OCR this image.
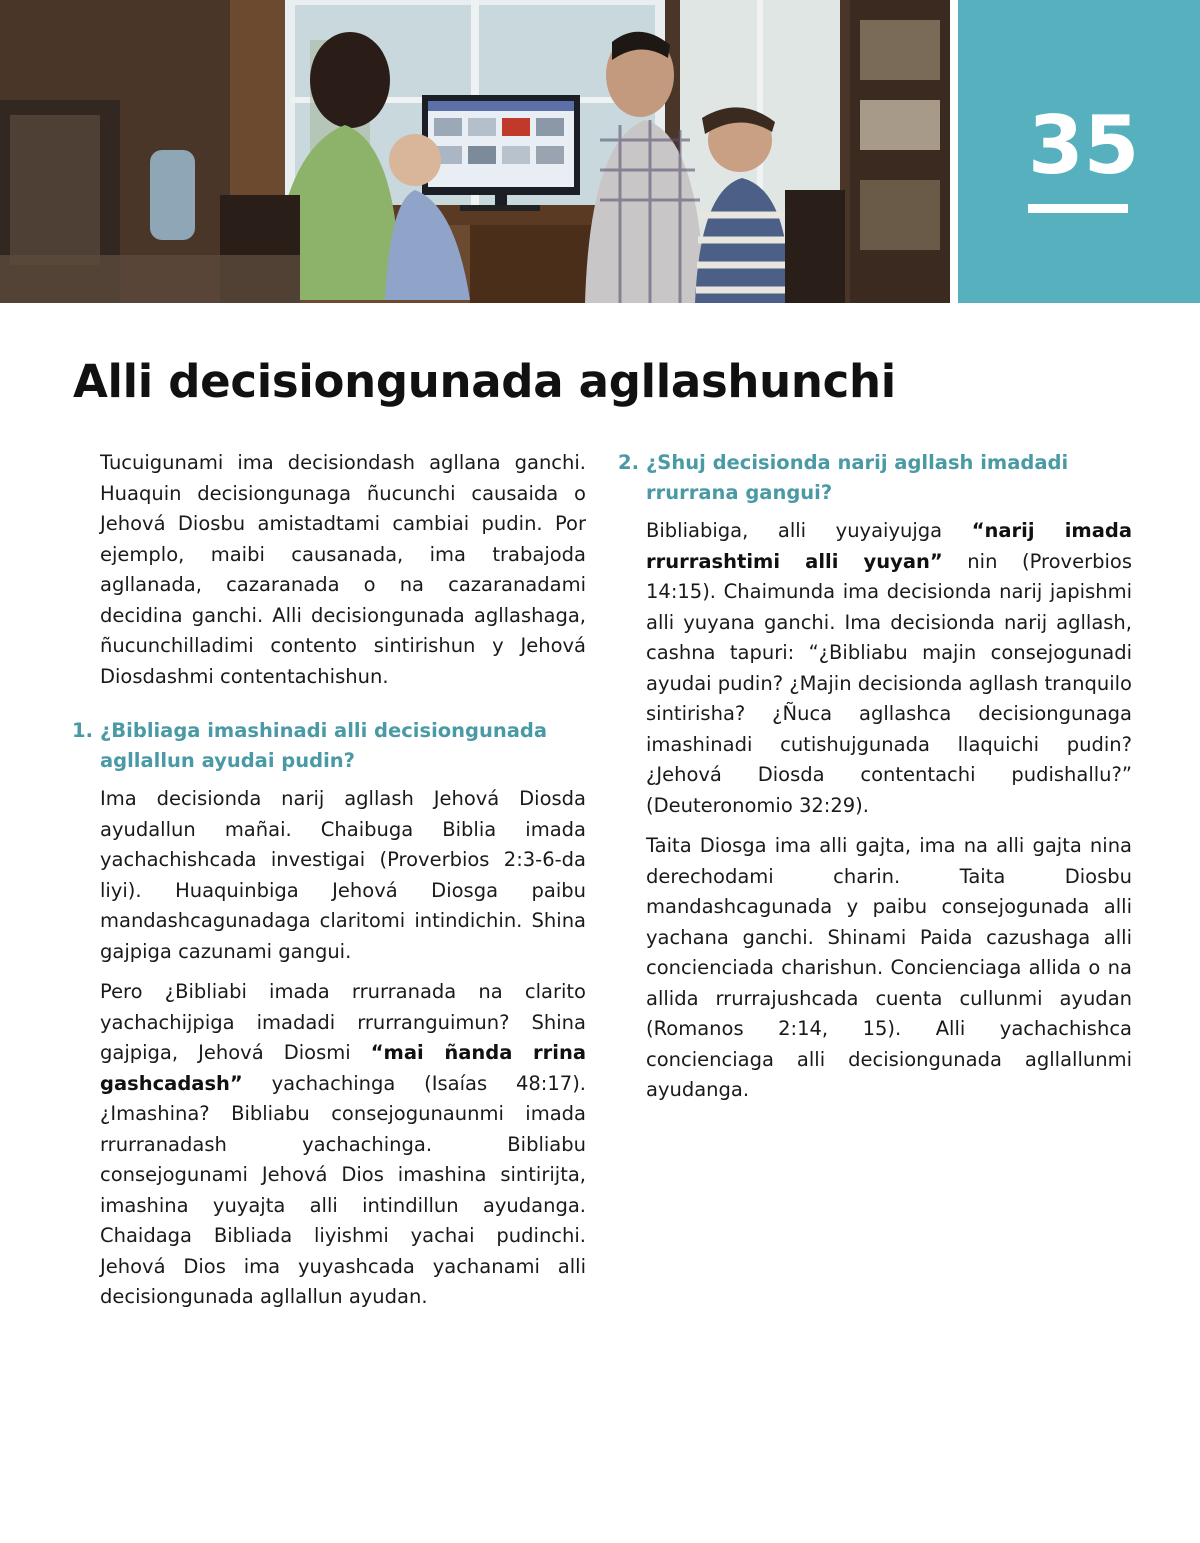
35
Alli decisiongunada agllashunchi

Tucuigunami ima decisiondash agllana ganchi. Huaquin decisiongunaga ñucunchi causaida o Jehová Diosbu amistadtami cambiai pudin. Por ejemplo, maibi causanada, ima trabajoda agllanada, cazaranada o na cazaranadami decidina ganchi. Alli decisiongunada agllashaga, ñucunchilladimi contento sintirishun y Jehová Diosdashmi contentachishun.

1. ¿Bibliaga imashinadi alli decisiongunada agllallun ayudai pudin?

Ima decisionda narij agllash Jehová Diosda ayudallun mañai. Chaibuga Biblia imada yachachishcada investigai (Proverbios 2:3-6-da liyi). Huaquinbiga Jehová Diosga paibu mandashcagunadaga claritomi intindichin. Shina gajpiga cazunami gangui.

Pero ¿Bibliabi imada rrurranada na clarito yachachijpiga imadadi rrurranguimun? Shina gajpiga, Jehová Diosmi “mai ñanda rrina gashcadash” yachachinga (Isaías 48:17). ¿Imashina? Bibliabu consejogunaunmi imada rrurranadash yachachinga. Bibliabu consejogunami Jehová Dios imashina sintirijta, imashina yuyajta alli intindillun ayudanga. Chaidaga Bibliada liyishmi yachai pudinchi. Jehová Dios ima yuyashcada yachanami alli decisiongunada agllallun ayudan.

2. ¿Shuj decisionda narij agllash imadadi rrurrana gangui?

Bibliabiga, alli yuyaiyujga “narij imada rrurrashtimi alli yuyan” nin (Proverbios 14:15). Chaimunda ima decisionda narij japishmi alli yuyana ganchi. Ima decisionda narij agllash, cashna tapuri: “¿Bibliabu majin consejogunadi ayudai pudin? ¿Majin decisionda agllash tranquilo sintirisha? ¿Ñuca agllashca decisiongunaga imashinadi cutishujgunada llaquichi pudin? ¿Jehová Diosda contentachi pudishallu?” (Deuteronomio 32:29).

Taita Diosga ima alli gajta, ima na alli gajta nina derechodami charin. Taita Diosbu mandashcagunada y paibu consejogunada alli yachana ganchi. Shinami Paida cazushaga alli concienciada charishun. Concienciaga allida o na allida rrurrajushcada cuenta cullunmi ayudan (Romanos 2:14, 15). Alli yachachishca concienciaga alli decisiongunada agllallunmi ayudanga.
